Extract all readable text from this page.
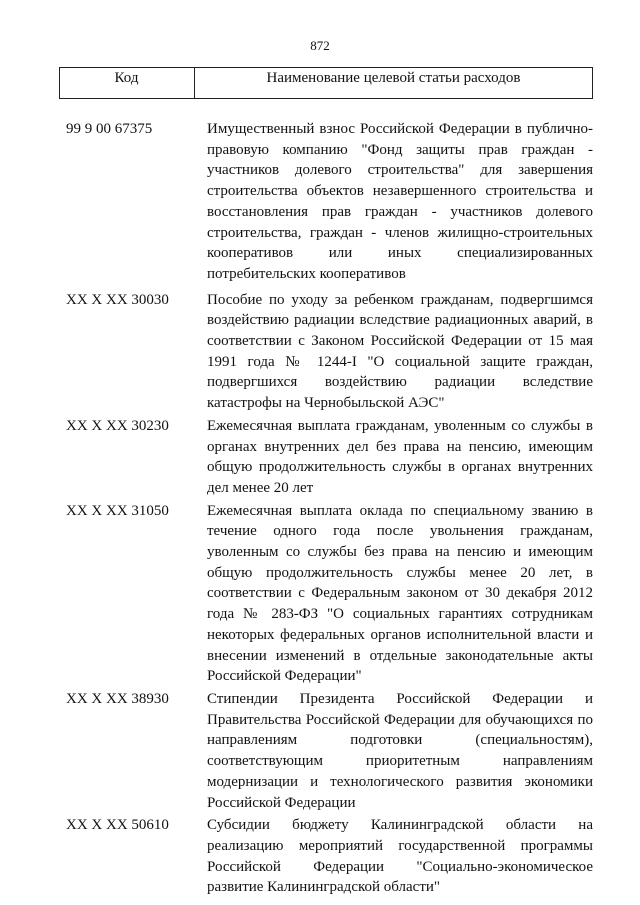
872
Код	Наименование целевой статьи расходов
99 9 00 67375	Имущественный взнос Российской Федерации в публично-правовую компанию "Фонд защиты прав граждан - участников долевого строительства" для завершения строительства объектов незавершенного строительства и восстановления прав граждан - участников долевого строительства, граждан - членов жилищно-строительных кооперативов или иных специализированных потребительских кооперативов
XX X XX 30030	Пособие по уходу за ребенком гражданам, подвергшимся воздействию радиации вследствие радиационных аварий, в соответствии с Законом Российской Федерации от 15 мая 1991 года № 1244-I "О социальной защите граждан, подвергшихся воздействию радиации вследствие катастрофы на Чернобыльской АЭС"
XX X XX 30230	Ежемесячная выплата гражданам, уволенным со службы в органах внутренних дел без права на пенсию, имеющим общую продолжительность службы в органах внутренних дел менее 20 лет
XX X XX 31050	Ежемесячная выплата оклада по специальному званию в течение одного года после увольнения гражданам, уволенным со службы без права на пенсию и имеющим общую продолжительность службы менее 20 лет, в соответствии с Федеральным законом от 30 декабря 2012 года № 283-ФЗ "О социальных гарантиях сотрудникам некоторых федеральных органов исполнительной власти и внесении изменений в отдельные законодательные акты Российской Федерации"
XX X XX 38930	Стипендии Президента Российской Федерации и Правительства Российской Федерации для обучающихся по направлениям подготовки (специальностям), соответствующим приоритетным направлениям модернизации и технологического развития экономики Российской Федерации
XX X XX 50610	Субсидии бюджету Калининградской области на реализацию мероприятий государственной программы Российской Федерации "Социально-экономическое развитие Калининградской области"
